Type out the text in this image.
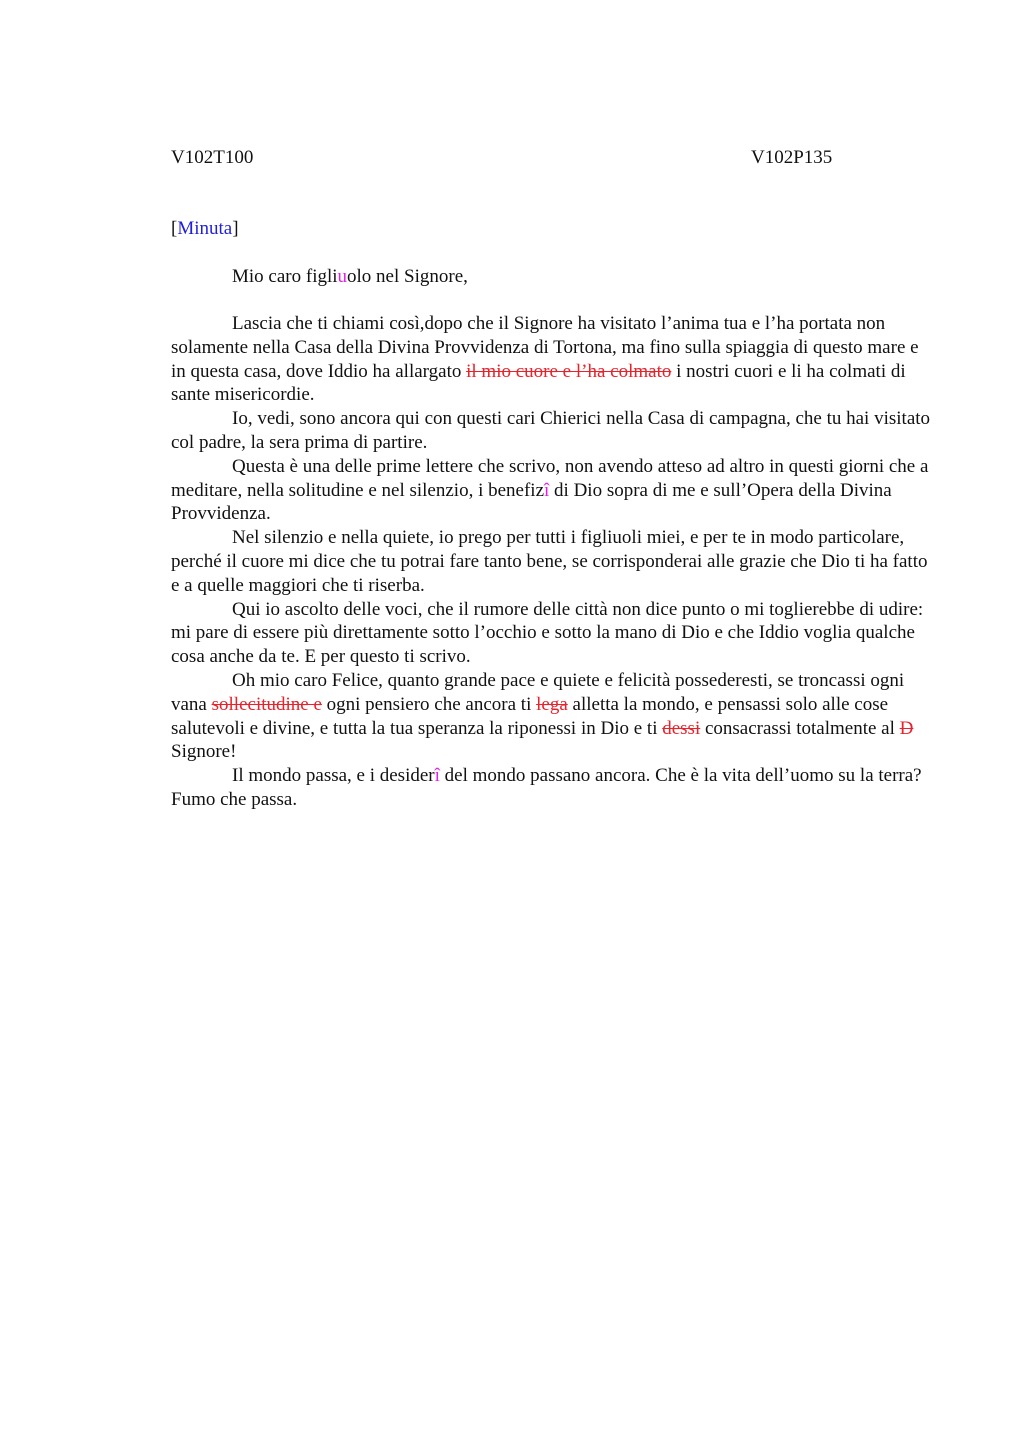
V102T100	V102P135
[Minuta]
Mio caro figliuolo nel Signore,

Lascia che ti chiami così,dopo che il Signore ha visitato l’anima tua e l’ha portata non solamente nella Casa della Divina Provvidenza di Tortona, ma fino sulla spiaggia di questo mare e in questa casa, dove Iddio ha allargato il mio cuore e l’ha colmato i nostri cuori e li ha colmati di sante misericordie.

Io, vedi, sono ancora qui con questi cari Chierici nella Casa di campagna, che tu hai visitato col padre, la sera prima di partire.

Questa è una delle prime lettere che scrivo, non avendo atteso ad altro in questi giorni che a meditare, nella solitudine e nel silenzio, i benefizî di Dio sopra di me e sull’Opera della Divina Provvidenza.

Nel silenzio e nella quiete, io prego per tutti i figliuoli miei, e per te in modo particolare, perché il cuore mi dice che tu potrai fare tanto bene, se corrisponderai alle grazie che Dio ti ha fatto e a quelle maggiori che ti riserba.

Qui io ascolto delle voci, che il rumore delle città non dice punto o mi toglierebbe di udire: mi pare di essere più direttamente sotto l’occhio e sotto la mano di Dio e che Iddio voglia qualche cosa anche da te. E per questo ti scrivo.

Oh mio caro Felice, quanto grande pace e quiete e felicità possederesti, se troncassi ogni vana sollecitudine e ogni pensiero che ancora ti lega alletta la mondo, e pensassi solo alle cose salutevoli e divine, e tutta la tua speranza la riponessi in Dio e ti dessi consacrassi totalmente al D Signore!

Il mondo passa, e i desiderî del mondo passano ancora. Che è la vita dell’uomo su la terra? Fumo che passa.
